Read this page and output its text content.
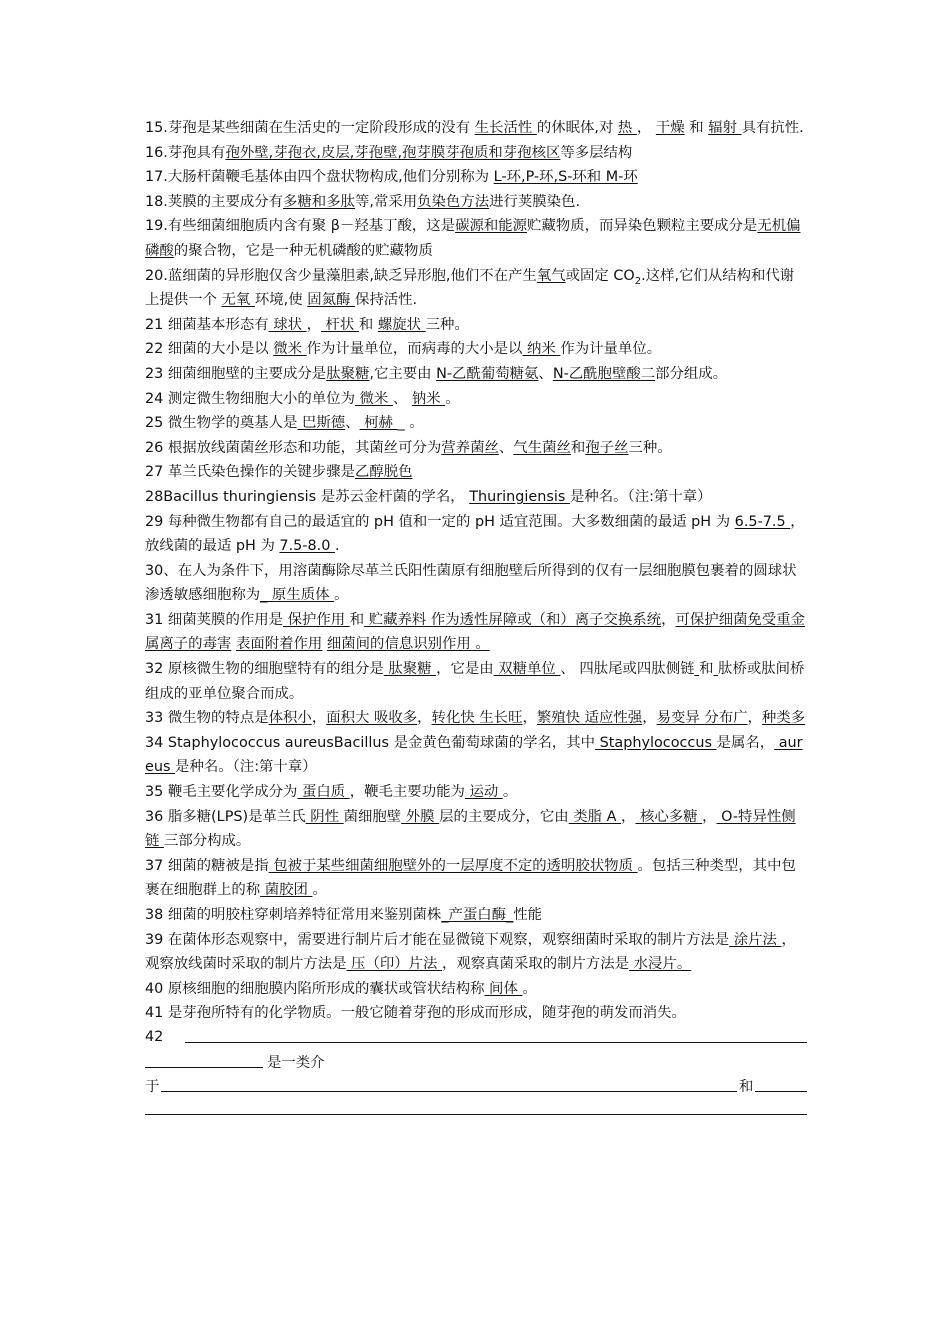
15.芽孢是某些细菌在生活史的一定阶段形成的没有 生长活性 的休眠体,对 热 ， 干燥 和 辐射 具有抗性.

16.芽孢具有孢外壁,芽孢衣,皮层,芽孢壁,孢芽膜芽孢质和芽孢核区等多层结构

17.大肠杆菌鞭毛基体由四个盘状物构成,他们分别称为 L-环,P-环,S-环和 M-环

18.荚膜的主要成分有多糖和多肽等,常采用负染色方法进行荚膜染色.

19.有些细菌细胞质内含有聚 β－羟基丁酸，这是碳源和能源贮藏物质，而异染色颗粒主要成分是无机偏磷酸的聚合物，它是一种无机磷酸的贮藏物质

20.蓝细菌的异形胞仅含少量藻胆素,缺乏异形胞,他们不在产生氧气或固定 $CO_2$.这样,它们从结构和代谢上提供一个 无氧 环境,使 固氮酶 保持活性.

21 细菌基本形态有 球状 ， 杆状 和 螺旋状 三种。

22 细菌的大小是以 微米 作为计量单位，而病毒的大小是以 纳米 作为计量单位。

23 细菌细胞壁的主要成分是肽聚糖,它主要由 N-乙酰葡萄糖氨、N-乙酰胞壁酸二部分组成。

24 测定微生物细胞大小的单位为 微米 、 钠米 。

25 微生物学的奠基人是 巴斯德、 柯赫 _ 。

26 根据放线菌菌丝形态和功能，其菌丝可分为营养菌丝、气生菌丝和孢子丝三种。

27 革兰氏染色操作的关键步骤是乙醇脱色

28Bacillus thuringiensis 是苏云金杆菌的学名， Thuringiensis 是种名。（注:第十章）

29 每种微生物都有自己的最适宜的 pH 值和一定的 pH 适宜范围。大多数细菌的最适 pH 为 6.5-7.5 ，放线菌的最适 pH 为 7.5-8.0 .

30、在人为条件下，用溶菌酶除尽革兰氏阳性菌原有细胞壁后所得到的仅有一层细胞膜包裹着的圆球状渗透敏感细胞称为_ 原生质体 。

31 细菌荚膜的作用是 保护作用 和 贮藏养料 作为透性屏障或（和）离子交换系统，可保护细菌免受重金属离子的毒害 表面附着作用 细菌间的信息识别作用 。

32 原核微生物的细胞壁特有的组分是 肽聚糖 ，它是由 双糖单位 、 四肽尾或四肽侧链 和 肽桥或肽间桥 组成的亚单位聚合而成。

33 微生物的特点是体积小，面积大 吸收多，转化快 生长旺，繁殖快 适应性强，易变异 分布广，种类多

34 Staphylococcus aureusBacillus 是金黄色葡萄球菌的学名，其中 Staphylococcus 是属名， aureus 是种名。（注:第十章）

35 鞭毛主要化学成分为 蛋白质 ，鞭毛主要功能为 运动 。

36 脂多糖(LPS)是革兰氏 阴性 菌细胞壁 外膜 层的主要成分，它由 类脂 A ， 核心多糖 ， O-特异性侧链 三部分构成。

37 细菌的糖被是指 包被于某些细菌细胞壁外的一层厚度不定的透明胶状物质 。包括三种类型，其中包裹在细胞群上的称 菌胶团 。

38 细菌的明胶柱穿刺培养特征常用来鉴别菌株_产蛋白酶_性能

39 在菌体形态观察中，需要进行制片后才能在显微镜下观察，观察细菌时采取的制片方法是 涂片法 ，观察放线菌时采取的制片方法是 压（印）片法 ，观察真菌采取的制片方法是 水浸片。

40 原核细胞的细胞膜内陷所形成的囊状或管状结构称 间体 。

41 是芽孢所特有的化学物质。一般它随着芽孢的形成而形成，随芽孢的萌发而消失。

42
是一类介
于	和
